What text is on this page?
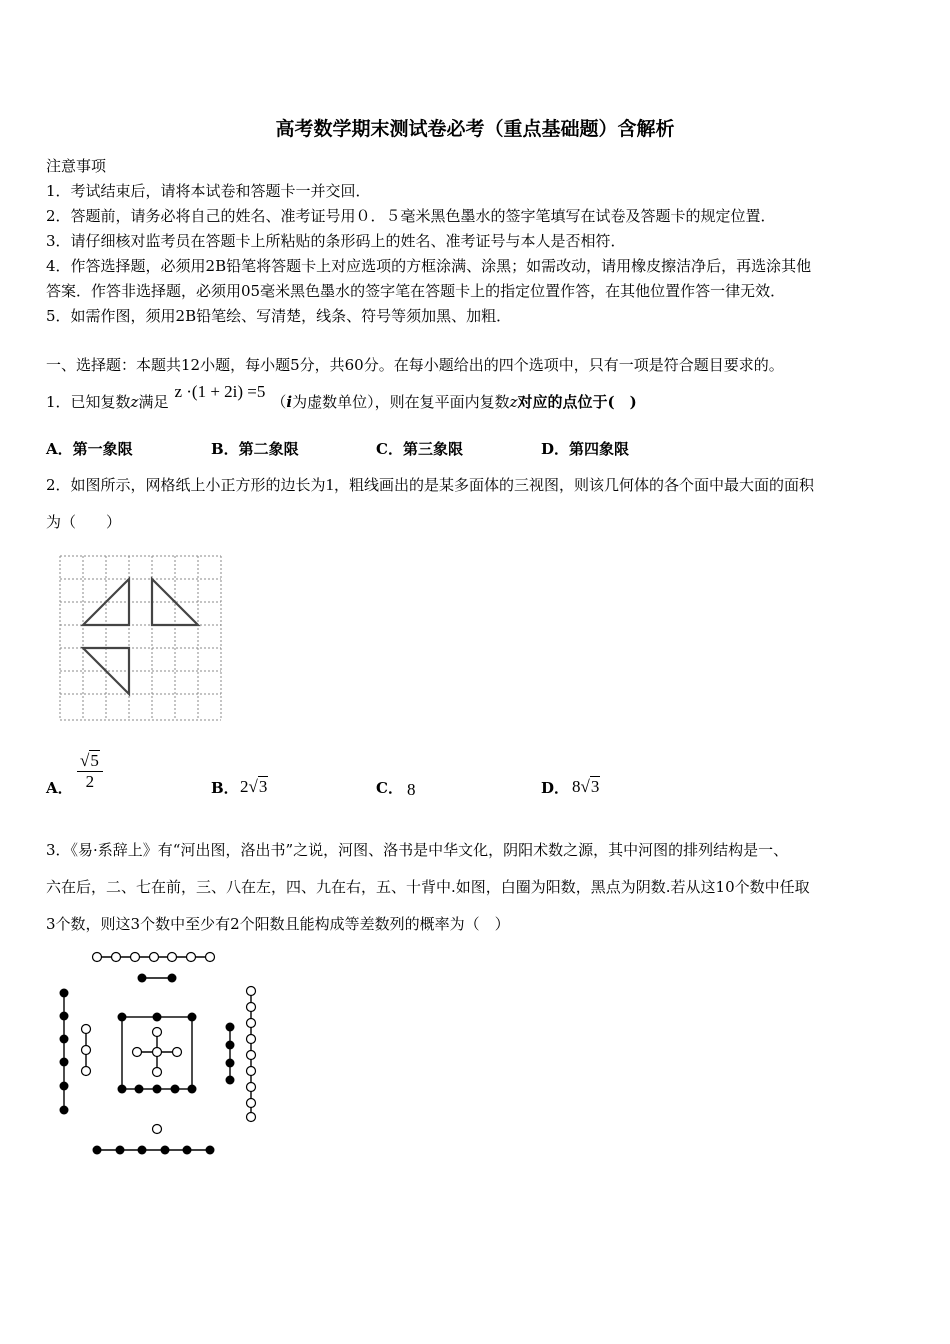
高考数学期末测试卷必考（重点基础题）含解析
注意事项
1．考试结束后，请将本试卷和答题卡一并交回．
2．答题前，请务必将自己的姓名、准考证号用０．５毫米黑色墨水的签字笔填写在试卷及答题卡的规定位置．
3．请仔细核对监考员在答题卡上所粘贴的条形码上的姓名、准考证号与本人是否相符．
4．作答选择题，必须用2B铅笔将答题卡上对应选项的方框涂满、涂黑；如需改动，请用橡皮擦洁净后，再选涂其他
答案．作答非选择题，必须用05毫米黑色墨水的签字笔在答题卡上的指定位置作答，在其他位置作答一律无效．
5．如需作图，须用2B铅笔绘、写清楚，线条、符号等须加黑、加粗．
一、选择题：本题共12小题，每小题5分，共60分。在每小题给出的四个选项中，只有一项是符合题目要求的。
1．已知复数z满足z ·(1 + 2i) =5（i为虚数单位），则在复平面内复数z对应的点位于(　)
A．第一象限	B．第二象限	C．第三象限	D．第四象限
2．如图所示，网格纸上小正方形的边长为1，粗线画出的是某多面体的三视图，则该几何体的各个面中最大面的面积
为（　　）
A． $\frac{√5}{2}$	B． 2√3	C． 8	D． 8√3
3．《易·系辞上》有“河出图，洛出书”之说，河图、洛书是中华文化，阴阳术数之源，其中河图的排列结构是一、
六在后，二、七在前，三、八在左，四、九在右，五、十背中.如图，白圈为阳数，黑点为阴数.若从这10个数中任取
3个数，则这3个数中至少有2个阳数且能构成等差数列的概率为（　）
